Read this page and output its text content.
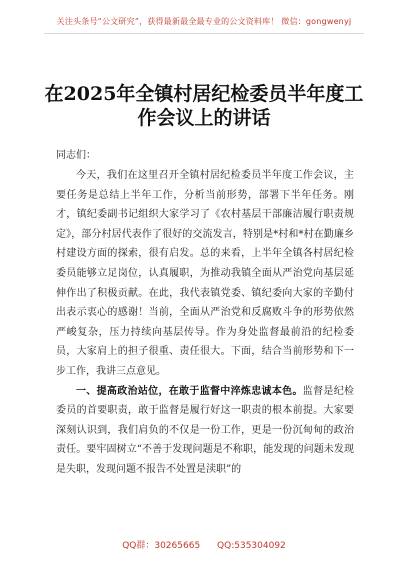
关注头条号“公文研究”，获得最新最全最专业的公文资料库！ 微信：gongwenyj
在2025年全镇村居纪检委员半年度工作会议上的讲话
同志们：

今天，我们在这里召开全镇村居纪检委员半年度工作会议，主要任务是总结上半年工作，分析当前形势，部署下半年任务。刚才，镇纪委副书记组织大家学习了《农村基层干部廉洁履行职责规定》，部分村居代表作了很好的交流发言，特别是*村和*村在勤廉乡村建设方面的探索，很有启发。总的来看，上半年全镇各村居纪检委员能够立足岗位，认真履职，为推动我镇全面从严治党向基层延伸作出了积极贡献。在此，我代表镇党委、镇纪委向大家的辛勤付出表示衷心的感谢！当前，全面从严治党和反腐败斗争的形势依然严峻复杂，压力持续向基层传导。作为身处监督最前沿的纪检委员，大家肩上的担子很重、责任很大。下面，结合当前形势和下一步工作，我讲三点意见。

一、提高政治站位，在敢于监督中淬炼忠诚本色。监督是纪检委员的首要职责，敢于监督是履行好这一职责的根本前提。大家要深刻认识到，我们肩负的不仅是一份工作，更是一份沉甸甸的政治责任。要牢固树立“不善于发现问题是不称职，能发现的问题未发现是失职，发现问题不报告不处置是渎职”的

QQ群：30265665 QQ:535304092
